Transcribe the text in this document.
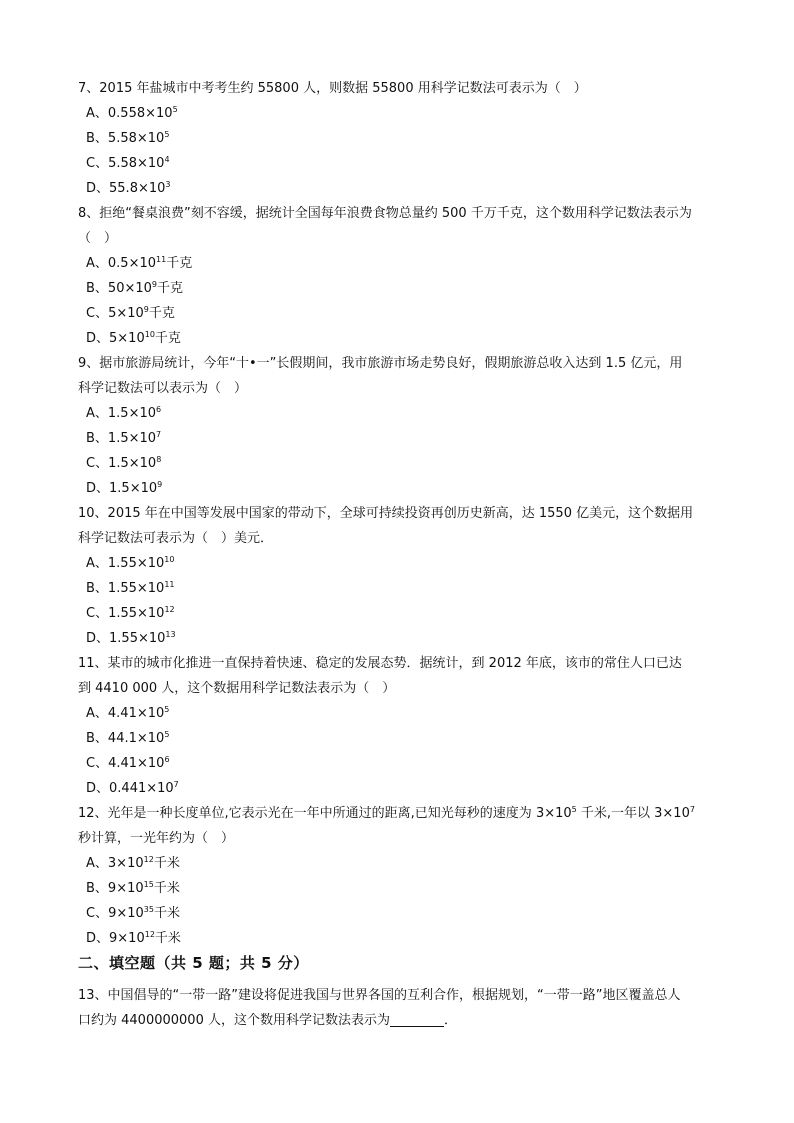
7、2015 年盐城市中考考生约 55800 人，则数据 55800 用科学记数法可表示为（　）

A、$0.558\times 10^5$

B、$5.58\times 10^5$

C、$5.58\times 10^4$

D、$55.8\times 10^3$

8、拒绝“餐桌浪费”刻不容缓，据统计全国每年浪费食物总量约 500 千万千克，这个数用科学记数法表示为
（　）

A、$0.5\times 10^{11}$千克

B、$50\times 10^9$千克

C、$5\times 10^9$千克

D、$5\times 10^{10}$千克

9、据市旅游局统计，今年“十•一”长假期间，我市旅游市场走势良好，假期旅游总收入达到 1.5 亿元，用
科学记数法可以表示为（　）

A、$1.5\times 10^6$

B、$1.5\times 10^7$

C、$1.5\times 10^8$

D、$1.5\times 10^9$

10、2015 年在中国等发展中国家的带动下，全球可持续投资再创历史新高，达 1550 亿美元，这个数据用
科学记数法可表示为（　）美元．

A、$1.55\times 10^{10}$

B、$1.55\times 10^{11}$

C、$1.55\times 10^{12}$

D、$1.55\times 10^{13}$

11、某市的城市化推进一直保持着快速、稳定的发展态势．据统计，到 2012 年底，该市的常住人口已达
到 4410 000 人，这个数据用科学记数法表示为（　）

A、$4.41\times 10^5$

B、$44.1\times 10^5$

C、$4.41\times 10^6$

D、$0.441\times 10^7$

12、光年是一种长度单位,它表示光在一年中所通过的距离,已知光每秒的速度为 $3\times 10^5$ 千米,一年以 $3\times 10^7$
秒计算，一光年约为（　）

A、$3\times 10^{12}$千米

B、$9\times 10^{15}$千米

C、$9\times 10^{35}$千米

D、$9\times 10^{12}$千米

二、填空题（共 5 题；共 5 分）

13、中国倡导的“一带一路”建设将促进我国与世界各国的互利合作，根据规划，“一带一路”地区覆盖总人
口约为 4400000000 人，这个数用科学记数法表示为	．
